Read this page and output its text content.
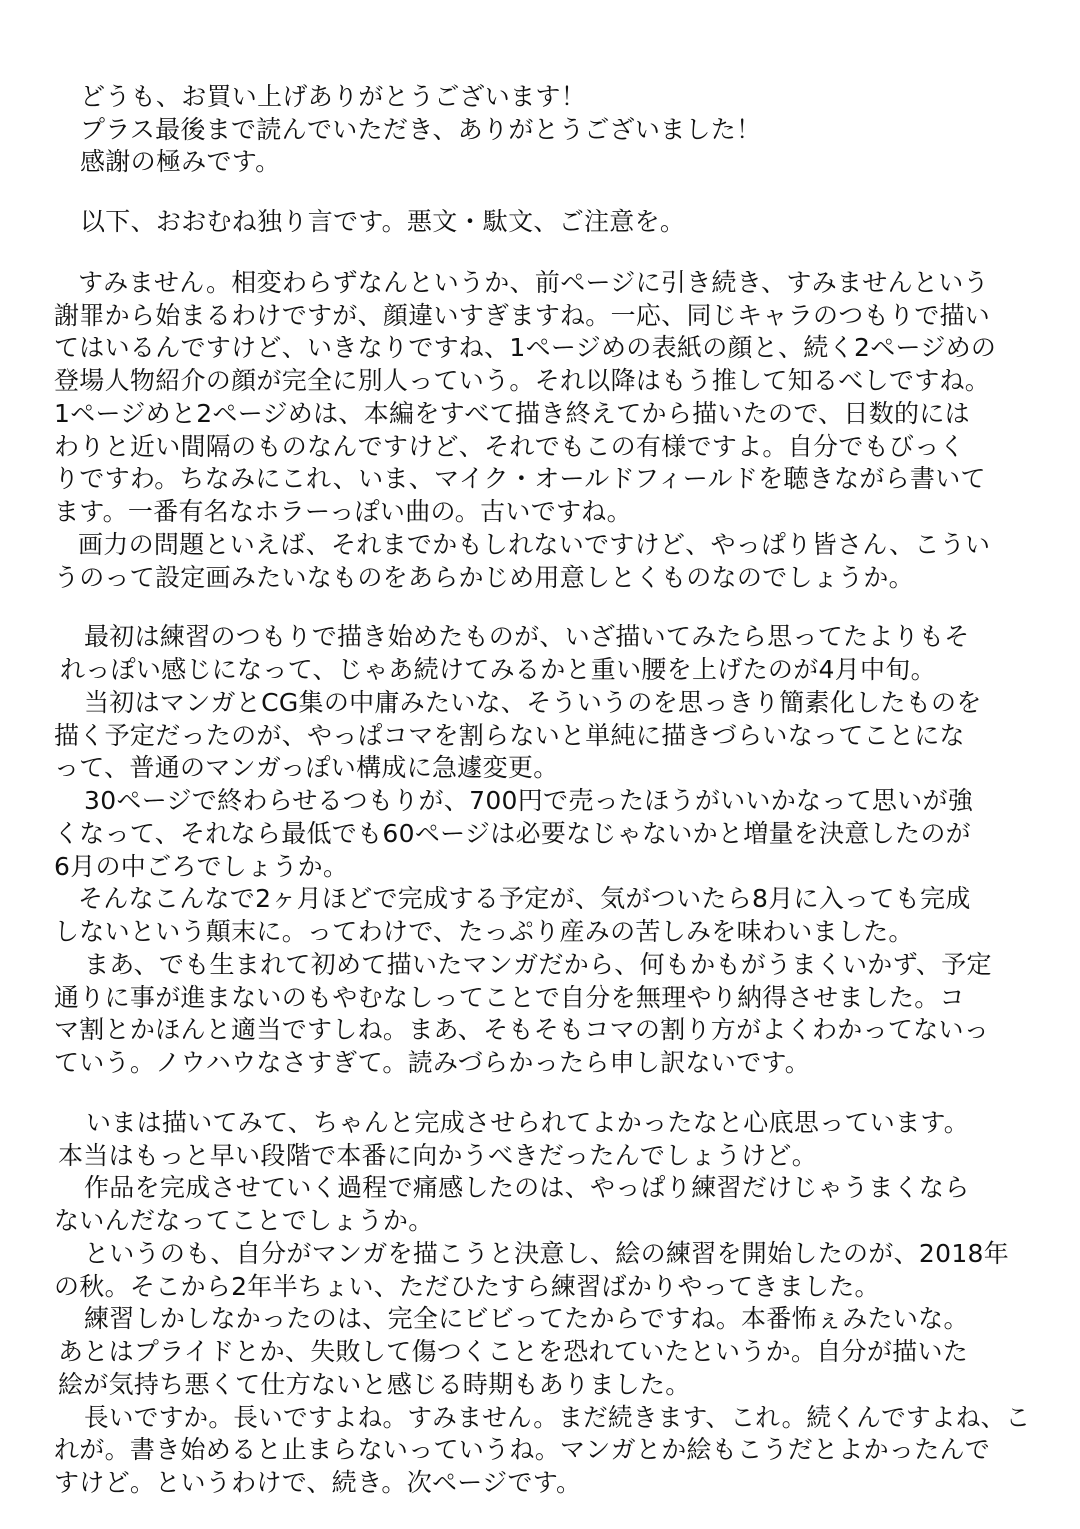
どうも、お買い上げありがとうございます！
プラス最後まで読んでいただき、ありがとうございました！
感謝の極みです。
以下、おおむね独り言です。悪文・駄文、ご注意を。
すみません。相変わらずなんというか、前ページに引き続き、すみませんという
謝罪から始まるわけですが、顔違いすぎますね。一応、同じキャラのつもりで描い
てはいるんですけど、いきなりですね、1ページめの表紙の顔と、続く2ページめの
登場人物紹介の顔が完全に別人っていう。それ以降はもう推して知るべしですね。
1ページめと2ページめは、本編をすべて描き終えてから描いたので、日数的には
わりと近い間隔のものなんですけど、それでもこの有様ですよ。自分でもびっく
りですわ。ちなみにこれ、いま、マイク・オールドフィールドを聴きながら書いて
ます。一番有名なホラーっぽい曲の。古いですね。
画力の問題といえば、それまでかもしれないですけど、やっぱり皆さん、こうい
うのって設定画みたいなものをあらかじめ用意しとくものなのでしょうか。
最初は練習のつもりで描き始めたものが、いざ描いてみたら思ってたよりもそ
れっぽい感じになって、じゃあ続けてみるかと重い腰を上げたのが4月中旬。
当初はマンガとCG集の中庸みたいな、そういうのを思っきり簡素化したものを
描く予定だったのが、やっぱコマを割らないと単純に描きづらいなってことにな
って、普通のマンガっぽい構成に急遽変更。
30ページで終わらせるつもりが、700円で売ったほうがいいかなって思いが強
くなって、それなら最低でも60ページは必要なじゃないかと増量を決意したのが
6月の中ごろでしょうか。
そんなこんなで2ヶ月ほどで完成する予定が、気がついたら8月に入っても完成
しないという顛末に。ってわけで、たっぷり産みの苦しみを味わいました。
まあ、でも生まれて初めて描いたマンガだから、何もかもがうまくいかず、予定
通りに事が進まないのもやむなしってことで自分を無理やり納得させました。コ
マ割とかほんと適当ですしね。まあ、そもそもコマの割り方がよくわかってないっ
ていう。ノウハウなさすぎて。読みづらかったら申し訳ないです。
いまは描いてみて、ちゃんと完成させられてよかったなと心底思っています。
本当はもっと早い段階で本番に向かうべきだったんでしょうけど。
作品を完成させていく過程で痛感したのは、やっぱり練習だけじゃうまくなら
ないんだなってことでしょうか。
というのも、自分がマンガを描こうと決意し、絵の練習を開始したのが、2018年
の秋。そこから2年半ちょい、ただひたすら練習ばかりやってきました。
練習しかしなかったのは、完全にビビってたからですね。本番怖ぇみたいな。
あとはプライドとか、失敗して傷つくことを恐れていたというか。自分が描いた
絵が気持ち悪くて仕方ないと感じる時期もありました。
長いですか。長いですよね。すみません。まだ続きます、これ。続くんですよね、こ
れが。書き始めると止まらないっていうね。マンガとか絵もこうだとよかったんで
すけど。というわけで、続き。次ページです。
